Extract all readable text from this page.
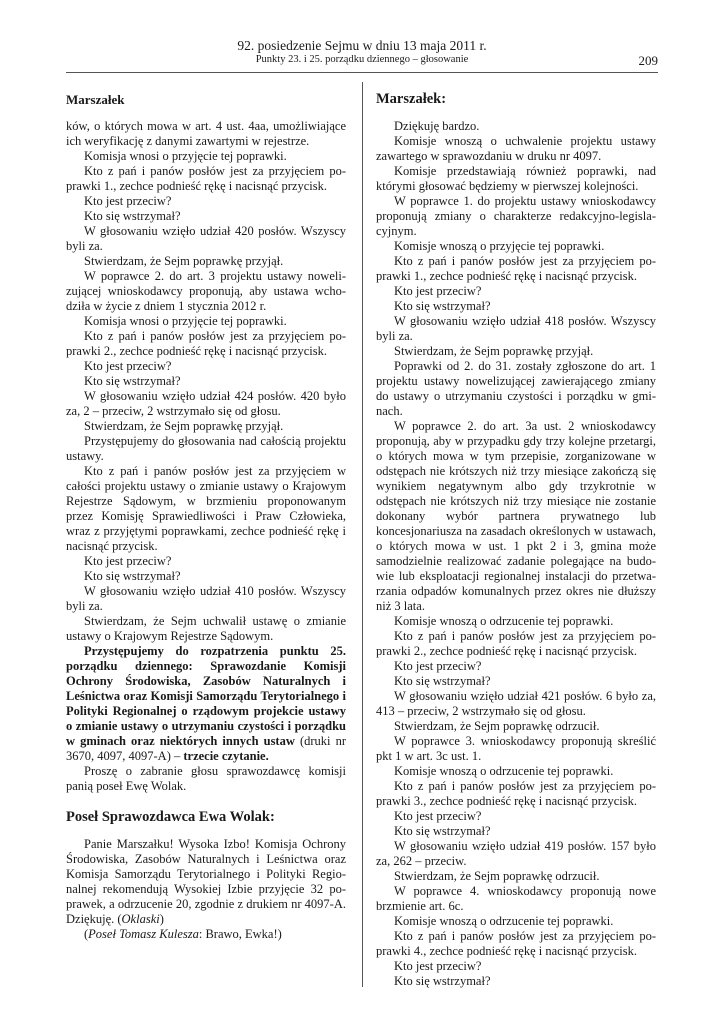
92. posiedzenie Sejmu w dniu 13 maja 2011 r.
Punkty 23. i 25. porządku dziennego – głosowanie	209

Marszałek

ków, o których mowa w art. 4 ust. 4aa, umożliwiające ich weryfikację z danymi zawartymi w rejestrze.

Komisja wnosi o przyjęcie tej poprawki.

Kto z pań i panów posłów jest za przyjęciem poprawki 1., zechce podnieść rękę i nacisnąć przycisk.

Kto jest przeciw?

Kto się wstrzymał?

W głosowaniu wzięło udział 420 posłów. Wszyscy byli za.

Stwierdzam, że Sejm poprawkę przyjął.

W poprawce 2. do art. 3 projektu ustawy nowelizującej wnioskodawcy proponują, aby ustawa wchodziła w życie z dniem 1 stycznia 2012 r.

Komisja wnosi o przyjęcie tej poprawki.

Kto z pań i panów posłów jest za przyjęciem poprawki 2., zechce podnieść rękę i nacisnąć przycisk.

Kto jest przeciw?

Kto się wstrzymał?

W głosowaniu wzięło udział 424 posłów. 420 było za, 2 – przeciw, 2 wstrzymało się od głosu.

Stwierdzam, że Sejm poprawkę przyjął.

Przystępujemy do głosowania nad całością projektu ustawy.

Kto z pań i panów posłów jest za przyjęciem w całości projektu ustawy o zmianie ustawy o Krajowym Rejestrze Sądowym, w brzmieniu proponowanym przez Komisję Sprawiedliwości i Praw Człowieka, wraz z przyjętymi poprawkami, zechce podnieść rękę i nacisnąć przycisk.

Kto jest przeciw?

Kto się wstrzymał?

W głosowaniu wzięło udział 410 posłów. Wszyscy byli za.

Stwierdzam, że Sejm uchwalił ustawę o zmianie ustawy o Krajowym Rejestrze Sądowym.

Przystępujemy do rozpatrzenia punktu 25. porządku dziennego: Sprawozdanie Komisji Ochrony Środowiska, Zasobów Naturalnych i Leśnictwa oraz Komisji Samorządu Terytorialnego i Polityki Regionalnej o rządowym projekcie ustawy o zmianie ustawy o utrzymaniu czystości i porządku w gminach oraz niektórych innych ustaw (druki nr 3670, 4097, 4097-A) – trzecie czytanie.

Proszę o zabranie głosu sprawozdawcę komisji panią poseł Ewę Wolak.

Poseł Sprawozdawca Ewa Wolak:

Panie Marszałku! Wysoka Izbo! Komisja Ochrony Środowiska, Zasobów Naturalnych i Leśnictwa oraz Komisja Samorządu Terytorialnego i Polityki Regionalnej rekomendują Wysokiej Izbie przyjęcie 32 poprawek, a odrzucenie 20, zgodnie z drukiem nr 4097-A. Dziękuję. (Oklaski)

(Poseł Tomasz Kulesza: Brawo, Ewka!)

Marszałek:

Dziękuję bardzo.

Komisje wnoszą o uchwalenie projektu ustawy zawartego w sprawozdaniu w druku nr 4097.

Komisje przedstawiają również poprawki, nad którymi głosować będziemy w pierwszej kolejności.

W poprawce 1. do projektu ustawy wnioskodawcy proponują zmiany o charakterze redakcyjno-legislacyjnym.

Komisje wnoszą o przyjęcie tej poprawki.

Kto z pań i panów posłów jest za przyjęciem poprawki 1., zechce podnieść rękę i nacisnąć przycisk.

Kto jest przeciw?

Kto się wstrzymał?

W głosowaniu wzięło udział 418 posłów. Wszyscy byli za.

Stwierdzam, że Sejm poprawkę przyjął.

Poprawki od 2. do 31. zostały zgłoszone do art. 1 projektu ustawy nowelizującej zawierającego zmiany do ustawy o utrzymaniu czystości i porządku w gminach.

W poprawce 2. do art. 3a ust. 2 wnioskodawcy proponują, aby w przypadku gdy trzy kolejne przetargi, o których mowa w tym przepisie, zorganizowane w odstępach nie krótszych niż trzy miesiące zakończą się wynikiem negatywnym albo gdy trzykrotnie w odstępach nie krótszych niż trzy miesiące nie zostanie dokonany wybór partnera prywatnego lub koncesjonariusza na zasadach określonych w ustawach, o których mowa w ust. 1 pkt 2 i 3, gmina może samodzielnie realizować zadanie polegające na budowie lub eksploatacji regionalnej instalacji do przetwarzania odpadów komunalnych przez okres nie dłuższy niż 3 lata.

Komisje wnoszą o odrzucenie tej poprawki.

Kto z pań i panów posłów jest za przyjęciem poprawki 2., zechce podnieść rękę i nacisnąć przycisk.

Kto jest przeciw?

Kto się wstrzymał?

W głosowaniu wzięło udział 421 posłów. 6 było za, 413 – przeciw, 2 wstrzymało się od głosu.

Stwierdzam, że Sejm poprawkę odrzucił.

W poprawce 3. wnioskodawcy proponują skreślić pkt 1 w art. 3c ust. 1.

Komisje wnoszą o odrzucenie tej poprawki.

Kto z pań i panów posłów jest za przyjęciem poprawki 3., zechce podnieść rękę i nacisnąć przycisk.

Kto jest przeciw?

Kto się wstrzymał?

W głosowaniu wzięło udział 419 posłów. 157 było za, 262 – przeciw.

Stwierdzam, że Sejm poprawkę odrzucił.

W poprawce 4. wnioskodawcy proponują nowe brzmienie art. 6c.

Komisje wnoszą o odrzucenie tej poprawki.

Kto z pań i panów posłów jest za przyjęciem poprawki 4., zechce podnieść rękę i nacisnąć przycisk.

Kto jest przeciw?

Kto się wstrzymał?
